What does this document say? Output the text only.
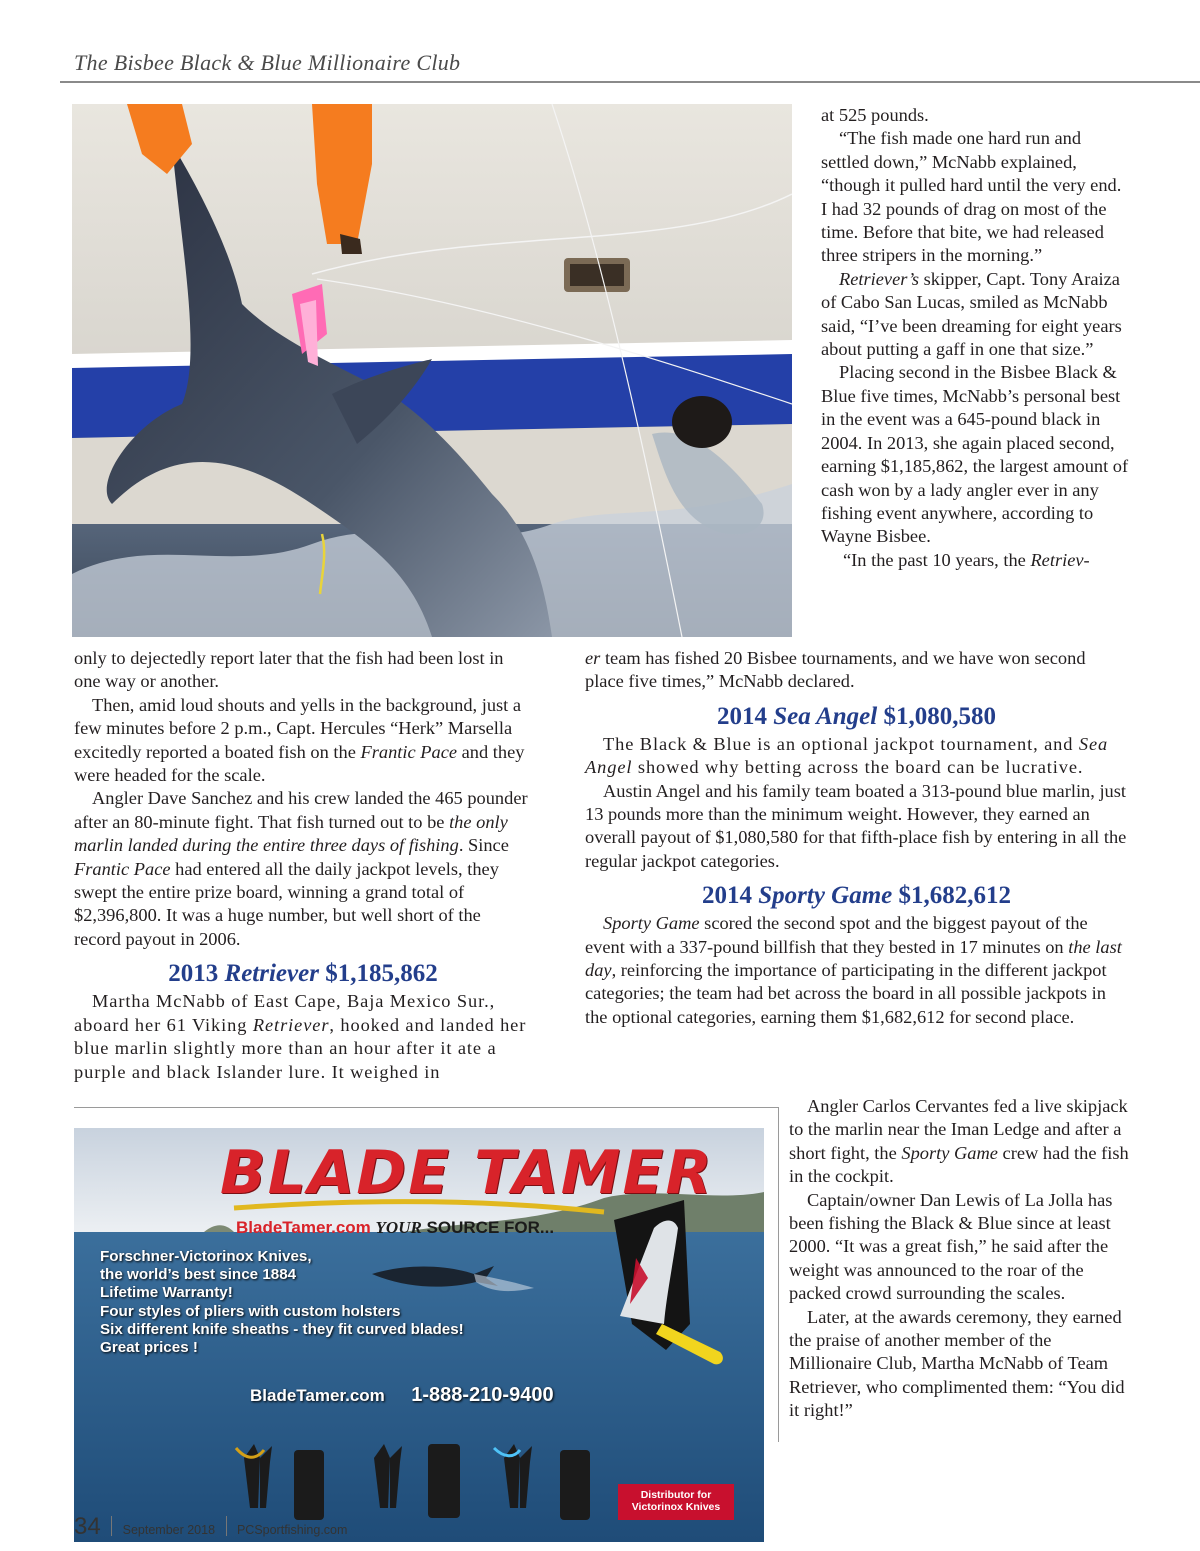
The Bisbee Black & Blue Millionaire Club

at 525 pounds.

“The fish made one hard run and settled down,” McNabb explained, “though it pulled hard until the very end. I had 32 pounds of drag on most of the time. Before that bite, we had released three stripers in the morning.”

Retriever’s skipper, Capt. Tony Araiza of Cabo San Lucas, smiled as McNabb said, “I’ve been dreaming for eight years about putting a gaff in one that size.”

Placing second in the Bisbee Black & Blue five times, McNabb’s personal best in the event was a 645-pound black in 2004. In 2013, she again placed second, earning $1,185,862, the largest amount of cash won by a lady angler ever in any fishing event anywhere, according to Wayne Bisbee.

“In the past 10 years, the Retriev-

only to dejectedly report later that the fish had been lost in one way or another.

Then, amid loud shouts and yells in the background, just a few minutes before 2 p.m., Capt. Hercules “Herk” Marsella excitedly reported a boated fish on the Frantic Pace and they were headed for the scale.

Angler Dave Sanchez and his crew landed the 465 pounder after an 80-minute fight. That fish turned out to be the only marlin landed during the entire three days of fishing. Since Frantic Pace had entered all the daily jackpot levels, they swept the entire prize board, winning a grand total of $2,396,800. It was a huge number, but well short of the record payout in 2006.

2013 Retriever $1,185,862

Martha McNabb of East Cape, Baja Mexico Sur., aboard her 61 Viking Retriever, hooked and landed her blue marlin slightly more than an hour after it ate a purple and black Islander lure. It weighed in

er team has fished 20 Bisbee tournaments, and we have won second place five times,” McNabb declared.

2014 Sea Angel $1,080,580

The Black & Blue is an optional jackpot tournament, and Sea Angel showed why betting across the board can be lucrative.

Austin Angel and his family team boated a 313-pound blue marlin, just 13 pounds more than the minimum weight. However, they earned an overall payout of $1,080,580 for that fifth-place fish by entering in all the regular jackpot categories.

2014 Sporty Game $1,682,612

Sporty Game scored the second spot and the biggest payout of the event with a 337-pound billfish that they bested in 17 minutes on the last day, reinforcing the importance of participating in the different jackpot categories; the team had bet across the board in all possible jackpots in the optional categories, earning them $1,682,612 for second place.

Angler Carlos Cervantes fed a live skipjack to the marlin near the Iman Ledge and after a short fight, the Sporty Game crew had the fish in the cockpit.

Captain/owner Dan Lewis of La Jolla has been fishing the Black & Blue since at least 2000. “It was a great fish,” he said after the weight was announced to the roar of the packed crowd surrounding the scales.

Later, at the awards ceremony, they earned the praise of another member of the Millionaire Club, Martha McNabb of Team Retriever, who complimented them: “You did it right!”

BLADE TAMER
BladeTamer.com YOUR SOURCE FOR...
Forschner-Victorinox Knives,
the world’s best since 1884
Lifetime Warranty!
Four styles of pliers with custom holsters
Six different knife sheaths - they fit curved blades!
Great prices !
BladeTamer.com 1-888-210-9400
Distributor for
Victorinox Knives
34 September 2018 PCSportfishing.com
